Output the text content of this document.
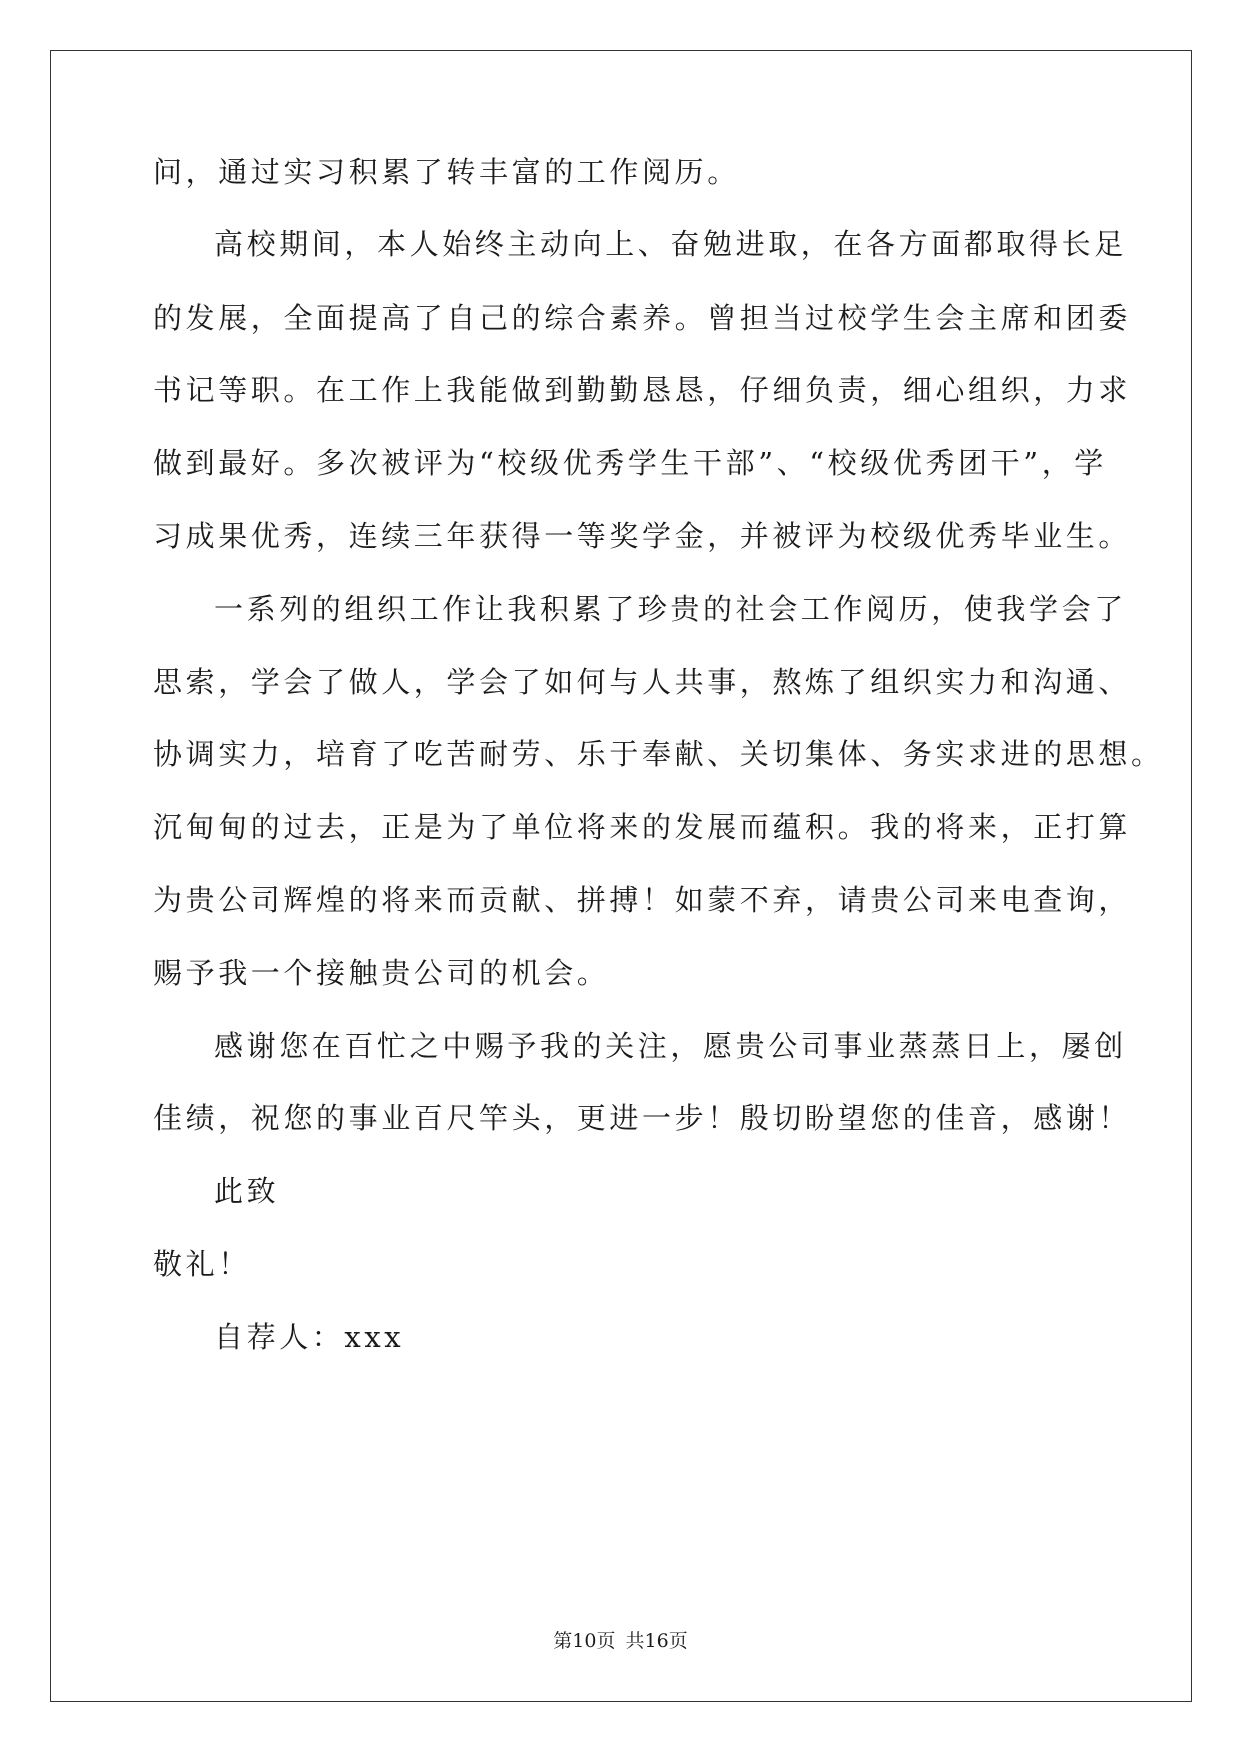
问，通过实习积累了转丰富的工作阅历。
高校期间，本人始终主动向上、奋勉进取，在各方面都取得长足
的发展，全面提高了自己的综合素养。曾担当过校学生会主席和团委
书记等职。在工作上我能做到勤勤恳恳，仔细负责，细心组织，力求
做到最好。多次被评为“校级优秀学生干部”、“校级优秀团干”，学
习成果优秀，连续三年获得一等奖学金，并被评为校级优秀毕业生。
一系列的组织工作让我积累了珍贵的社会工作阅历，使我学会了
思索，学会了做人，学会了如何与人共事，熬炼了组织实力和沟通、
协调实力，培育了吃苦耐劳、乐于奉献、关切集体、务实求进的思想。
沉甸甸的过去，正是为了单位将来的发展而蕴积。我的将来，正打算
为贵公司辉煌的将来而贡献、拼搏！如蒙不弃，请贵公司来电查询，
赐予我一个接触贵公司的机会。
感谢您在百忙之中赐予我的关注，愿贵公司事业蒸蒸日上，屡创
佳绩，祝您的事业百尺竿头，更进一步！殷切盼望您的佳音，感谢！
此致
敬礼！
自荐人：xxx
第10页 共16页
